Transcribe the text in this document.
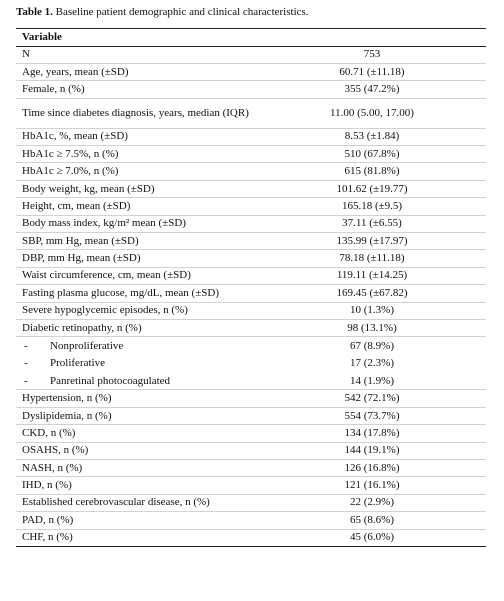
Table 1. Baseline patient demographic and clinical characteristics.
Variable
N	753
Age, years, mean (±SD)	60.71 (±11.18)
Female, n (%)	355 (47.2%)
Time since diabetes diagnosis, years, median (IQR)	11.00 (5.00, 17.00)
HbA1c, %, mean (±SD)	8.53 (±1.84)
HbA1c ≥ 7.5%, n (%)	510 (67.8%)
HbA1c ≥ 7.0%, n (%)	615 (81.8%)
Body weight, kg, mean (±SD)	101.62 (±19.77)
Height, cm, mean (±SD)	165.18 (±9.5)
Body mass index, kg/m² mean (±SD)	37.11 (±6.55)
SBP, mm Hg, mean (±SD)	135.99 (±17.97)
DBP, mm Hg, mean (±SD)	78.18 (±11.18)
Waist circumference, cm, mean (±SD)	119.11 (±14.25)
Fasting plasma glucose, mg/dL, mean (±SD)	169.45 (±67.82)
Severe hypoglycemic episodes, n (%)	10 (1.3%)
Diabetic retinopathy, n (%)	98 (13.1%)
-	Nonproliferative	67 (8.9%)
-	Proliferative	17 (2.3%)
-	Panretinal photocoagulated	14 (1.9%)
Hypertension, n (%)	542 (72.1%)
Dyslipidemia, n (%)	554 (73.7%)
CKD, n (%)	134 (17.8%)
OSAHS, n (%)	144 (19.1%)
NASH, n (%)	126 (16.8%)
IHD, n (%)	121 (16.1%)
Established cerebrovascular disease, n (%)	22 (2.9%)
PAD, n (%)	65 (8.6%)
CHF, n (%)	45 (6.0%)
